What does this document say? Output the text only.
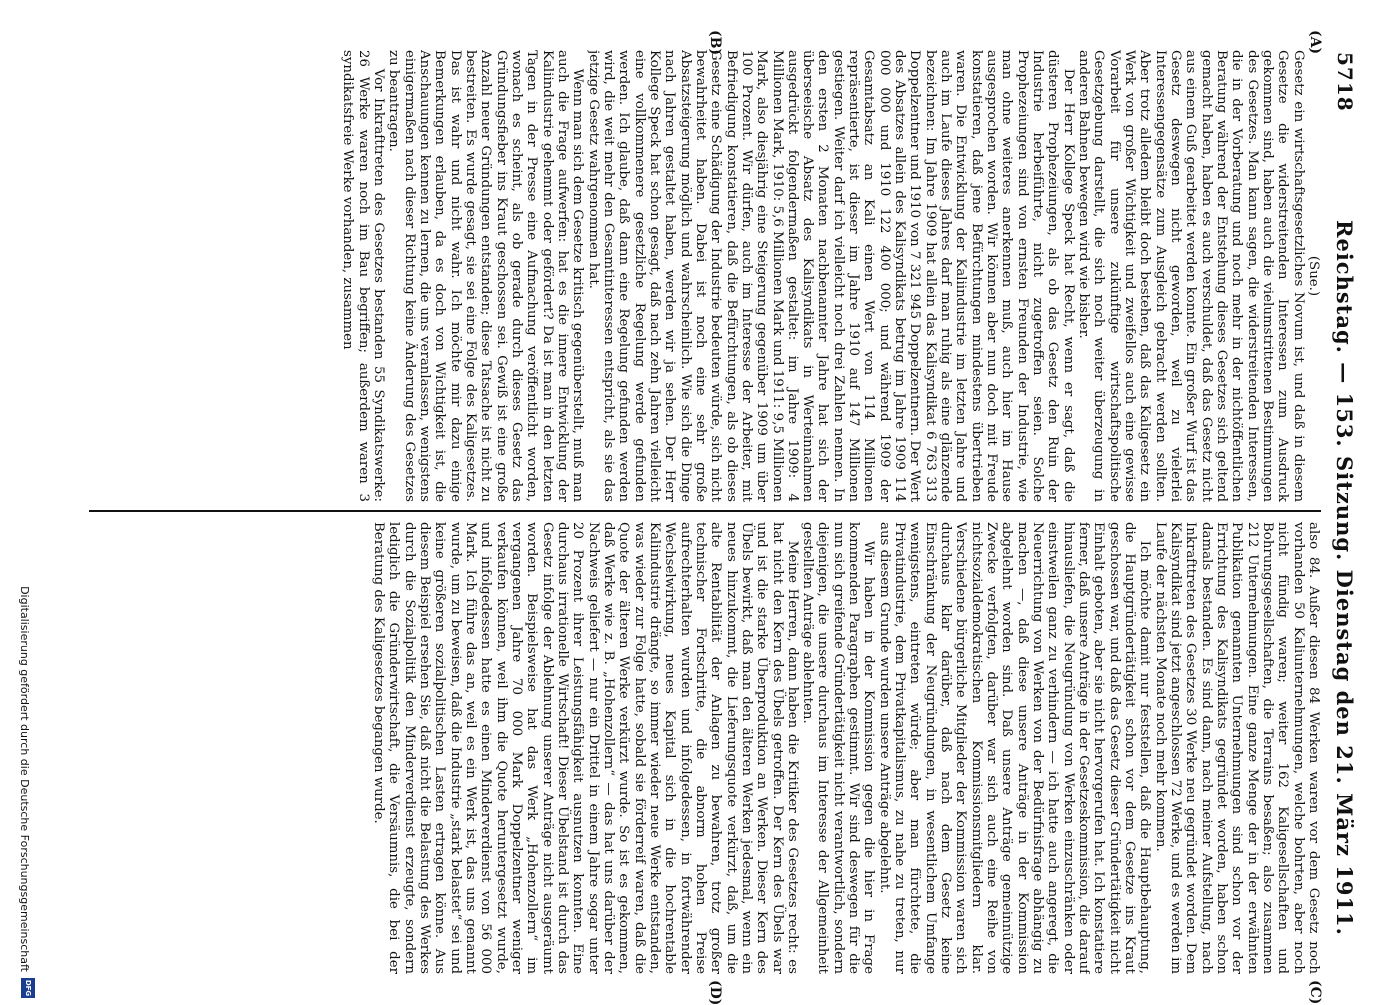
5718
Reichstag. — 153. Sitzung. Dienstag den 21. März 1911.
(A)
(B)
(C)
(D)

(Sue.)

Gesetz ein wirtschaftsgesetzliches Novum ist, und daß in diesem Gesetze die widerstreitenden Interessen zum Ausdruck gekommen sind, haben auch die vielumstrittenen Bestimmungen des Gesetzes. Man kann sagen, die widerstreitenden Interessen, die in der Vorberatung und noch mehr in der nichtöffentlichen Beratung während der Entstehung dieses Gesetzes sich geltend gemacht haben, haben es auch verschuldet, daß das Gesetz nicht aus einem Guß gearbeitet werden konnte. Ein großer Wurf ist das Gesetz deswegen nicht geworden, weil zu vielerlei Interessengegensätze zum Ausgleich gebracht werden sollten. Aber trotz alledem bleibt doch bestehen, daß das Kaligesetz ein Werk von großer Wichtigkeit und zweifellos auch eine gewisse Vorarbeit für unsere zukünftige wirtschaftspolitische Gesetzgebung darstellt, die sich noch weiter überzeugung in anderen Bahnen bewegen wird wie bisher.

Der Herr Kollege Speck hat Recht, wenn er sagt, daß die düsteren Prophezeiungen, als ob das Gesetz den Ruin der Industrie herbeiführte, nicht zugetroffen seien. Solche Prophezeiungen sind von ernsten Freunden der Industrie, wie man ohne weiteres anerkennen muß, auch hier im Hause ausgesprochen worden. Wir können aber nun doch mit Freude konstatieren, daß jene Befürchtungen mindestens übertrieben waren. Die Entwicklung der Kaliindustrie im letzten Jahre und auch im Laufe dieses Jahres darf man ruhig als eine glänzende bezeichnen: Im Jahre 1909 hat allein das Kalisyndikat 6 763 313 Doppelzentner und 1910 von 7 321 945 Doppelzentnern. Der Wert des Absatzes allein des Kalisyndikats betrug im Jahre 1909 114 000 000 und 1910 122 400 000; und während 1909 der Gesamtabsatz an Kali einen Wert von 114 Millionen repräsentierte, ist dieser im Jahre 1910 auf 147 Millionen gestiegen. Weiter darf ich vielleicht noch drei Zahlen nennen. In den ersten 2 Monaten nachbenannter Jahre hat sich der überseeische Absatz des Kalisyndikats in Werteinnahmen ausgedrückt folgendermaßen gestaltet: im Jahre 1909: 4 Millionen Mark, 1910: 5,6 Millionen Mark und 1911: 9,5 Millionen Mark, also diesjährig eine Steigerung gegenüber 1909 um über 100 Prozent. Wir dürfen, auch im Interesse der Arbeiter, mit Befriedigung konstatieren, daß die Befürchtungen, als ob dieses Gesetz eine Schädigung der Industrie bedeuten würde, sich nicht bewahrheitet haben. Dabei ist noch eine sehr große Absatzsteigerung möglich und wahrscheinlich. Wie sich die Dinge nach Jahren gestaltet haben, werden wir ja sehen. Der Herr Kollege Speck hat schon gesagt, daß nach zehn Jahren vielleicht eine vollkommenere gesetzliche Regelung werde gefunden werden. Ich glaube, daß dann eine Regelung gefunden werden wird, die weit mehr den Gesamtinteressen entspricht, als sie das jetzige Gesetz wahrgenommen hat.

Wenn man sich dem Gesetze kritisch gegenüberstellt, muß man auch die Frage aufwerfen: hat es die innere Entwicklung der Kaliindustrie gehemmt oder gefördert? Da ist man in den letzten Tagen in der Presse eine Aufmachung veröffentlicht worden, wonach es scheint, als ob gerade durch dieses Gesetz das Gründungsfieber ins Kraut geschossen sei. Gewiß ist eine große Anzahl neuer Gründungen entstanden; diese Tatsache ist nicht zu bestreiten. Es wurde gesagt, sie sei eine Folge des Kaligesetzes. Das ist wahr und nicht wahr. Ich möchte mir dazu einige Bemerkungen erlauben, da es doch von Wichtigkeit ist, die Anschauungen kennen zu lernen, die uns veranlassen, wenigstens einigermaßen nach dieser Richtung keine Änderung des Gesetzes zu beantragen.

Vor Inkrafttreten des Gesetzes bestanden 55 Syndikatswerke: 26 Werke waren noch im Bau begriffen; außerdem waren 3 syndikatsfreie Werke vorhanden, zusammen

also 84. Außer diesen 84 Werken waren vor dem Gesetz noch vorhanden 50 Kaliunternehmungen, welche bohrten, aber noch nicht fündig waren; weiter 162 Kaligesellschaften und Bohrungsgesellschaften, die Terrains besaßen; also zusammen 212 Unternehmungen. Eine ganze Menge der in der erwähnten Publikation genannten Unternehmungen sind schon vor der Errichtung des Kalisyndikats gegründet worden, haben schon damals bestanden. Es sind dann, nach meiner Aufstellung, nach Inkrafttreten des Gesetzes 30 Werke neu gegründet worden. Dem Kalisyndikat sind jetzt angeschlossen 72 Werke, und es werden im Laufe der nächsten Monate noch mehr kommen.

Ich möchte damit nur feststellen, daß die Hauptbehauptung, die Hauptgründertätigkeit schon vor dem Gesetze ins Kraut geschossen war, und daß das Gesetz dieser Gründertätigkeit nicht Einhalt geboten, aber sie nicht hervorgerufen hat. Ich konstatiere ferner, daß unsere Anträge in der Gesetzeskommission, die darauf hinausliefen, die Neugründung von Werken einzuschränken oder einstweilen ganz zu verhindern — ich hatte auch angeregt, die Neuerrichtung von Werken von der Bedürfnisfrage abhängig zu machen —, daß diese unsere Anträge in der Kommission abgelehnt worden sind. Daß unsere Anträge gemeinnützige Zwecke verfolgten, darüber war sich auch eine Reihe von nichtsozialdemokratischen Kommissionsmitgliedern klar. Verschiedene bürgerliche Mitglieder der Kommission waren sich durchaus klar darüber, daß nach dem Gesetz keine Einschränkung der Neugründungen, in wesentlichem Umfange wenigstens, eintreten würde; aber man fürchtete, die Privatindustrie, dem Privatkapitalismus, zu nahe zu treten, nur aus diesem Grunde wurden unsere Anträge abgelehnt.

Wir haben in der Kommission gegen die hier in Frage kommenden Paragraphen gestimmt. Wir sind deswegen für die nun sich greifende Gründertätigkeit nicht verantwortlich, sondern diejenigen, die unsere durchaus im Interesse der Allgemeinheit gestellten Anträge ablehnten.

Meine Herren, dann haben die Kritiker des Gesetzes recht: es hat nicht den Kern des Übels getroffen. Der Kern des Übels war und ist die starke Überproduktion an Werken. Dieser Kern des Übels bewirkt, daß man den älteren Werken jedesmal, wenn ein neues hinzukommt, die Lieferungsquote verkürzt, daß, um die alte Rentabilität der Anlagen zu bewahren, trotz großer technischer Fortschritte, die abnorm hohen Preise aufrechterhalten wurden und infolgedessen, in fortwährender Wechselwirkung, neues Kapital sich in die hochrentable Kaliindustrie drängte, so immer wieder neue Werke entstanden, was wieder zur Folge hatte, sobald sie förderreif waren, daß die Quote der älteren Werke verkürzt wurde. So ist es gekommen, daß Werke wie z. B. „Hohenzollern“ — das hat uns darüber der Nachweis geliefert — nur ein Drittel in einem Jahre sogar unter 20 Prozent ihrer Leistungsfähigkeit ausnutzen konnten. Eine durchaus irrationelle Wirtschaft! Dieser Übelstand ist durch das Gesetz infolge der Ablehnung unserer Anträge nicht ausgeräumt worden. Beispielsweise hat das Werk „Hohenzollern“ im vergangenen Jahre 70 000 Mark Doppelzentner weniger verkaufen können, weil ihm die Quote heruntergesetzt wurde, und infolgedessen hatte es einen Minderverdienst von 56 000 Mark. Ich führe das an, weil es ein Werk ist, das uns genannt wurde, um zu beweisen, daß die Industrie „stark belastet“ sei und keine größeren sozialpolitischen Lasten ertragen könne. Aus diesem Beispiel ersehen Sie, daß nicht die Belastung des Werkes durch die Sozialpolitik den Minderverdienst erzeugte, sondern lediglich die Gründerwirtschaft, die Versäumnis, die bei der Beratung des Kaligesetzes begangen wurde.

Digitalisierung gefördert durch die Deutsche Forschungsgemeinschaft
DFG
